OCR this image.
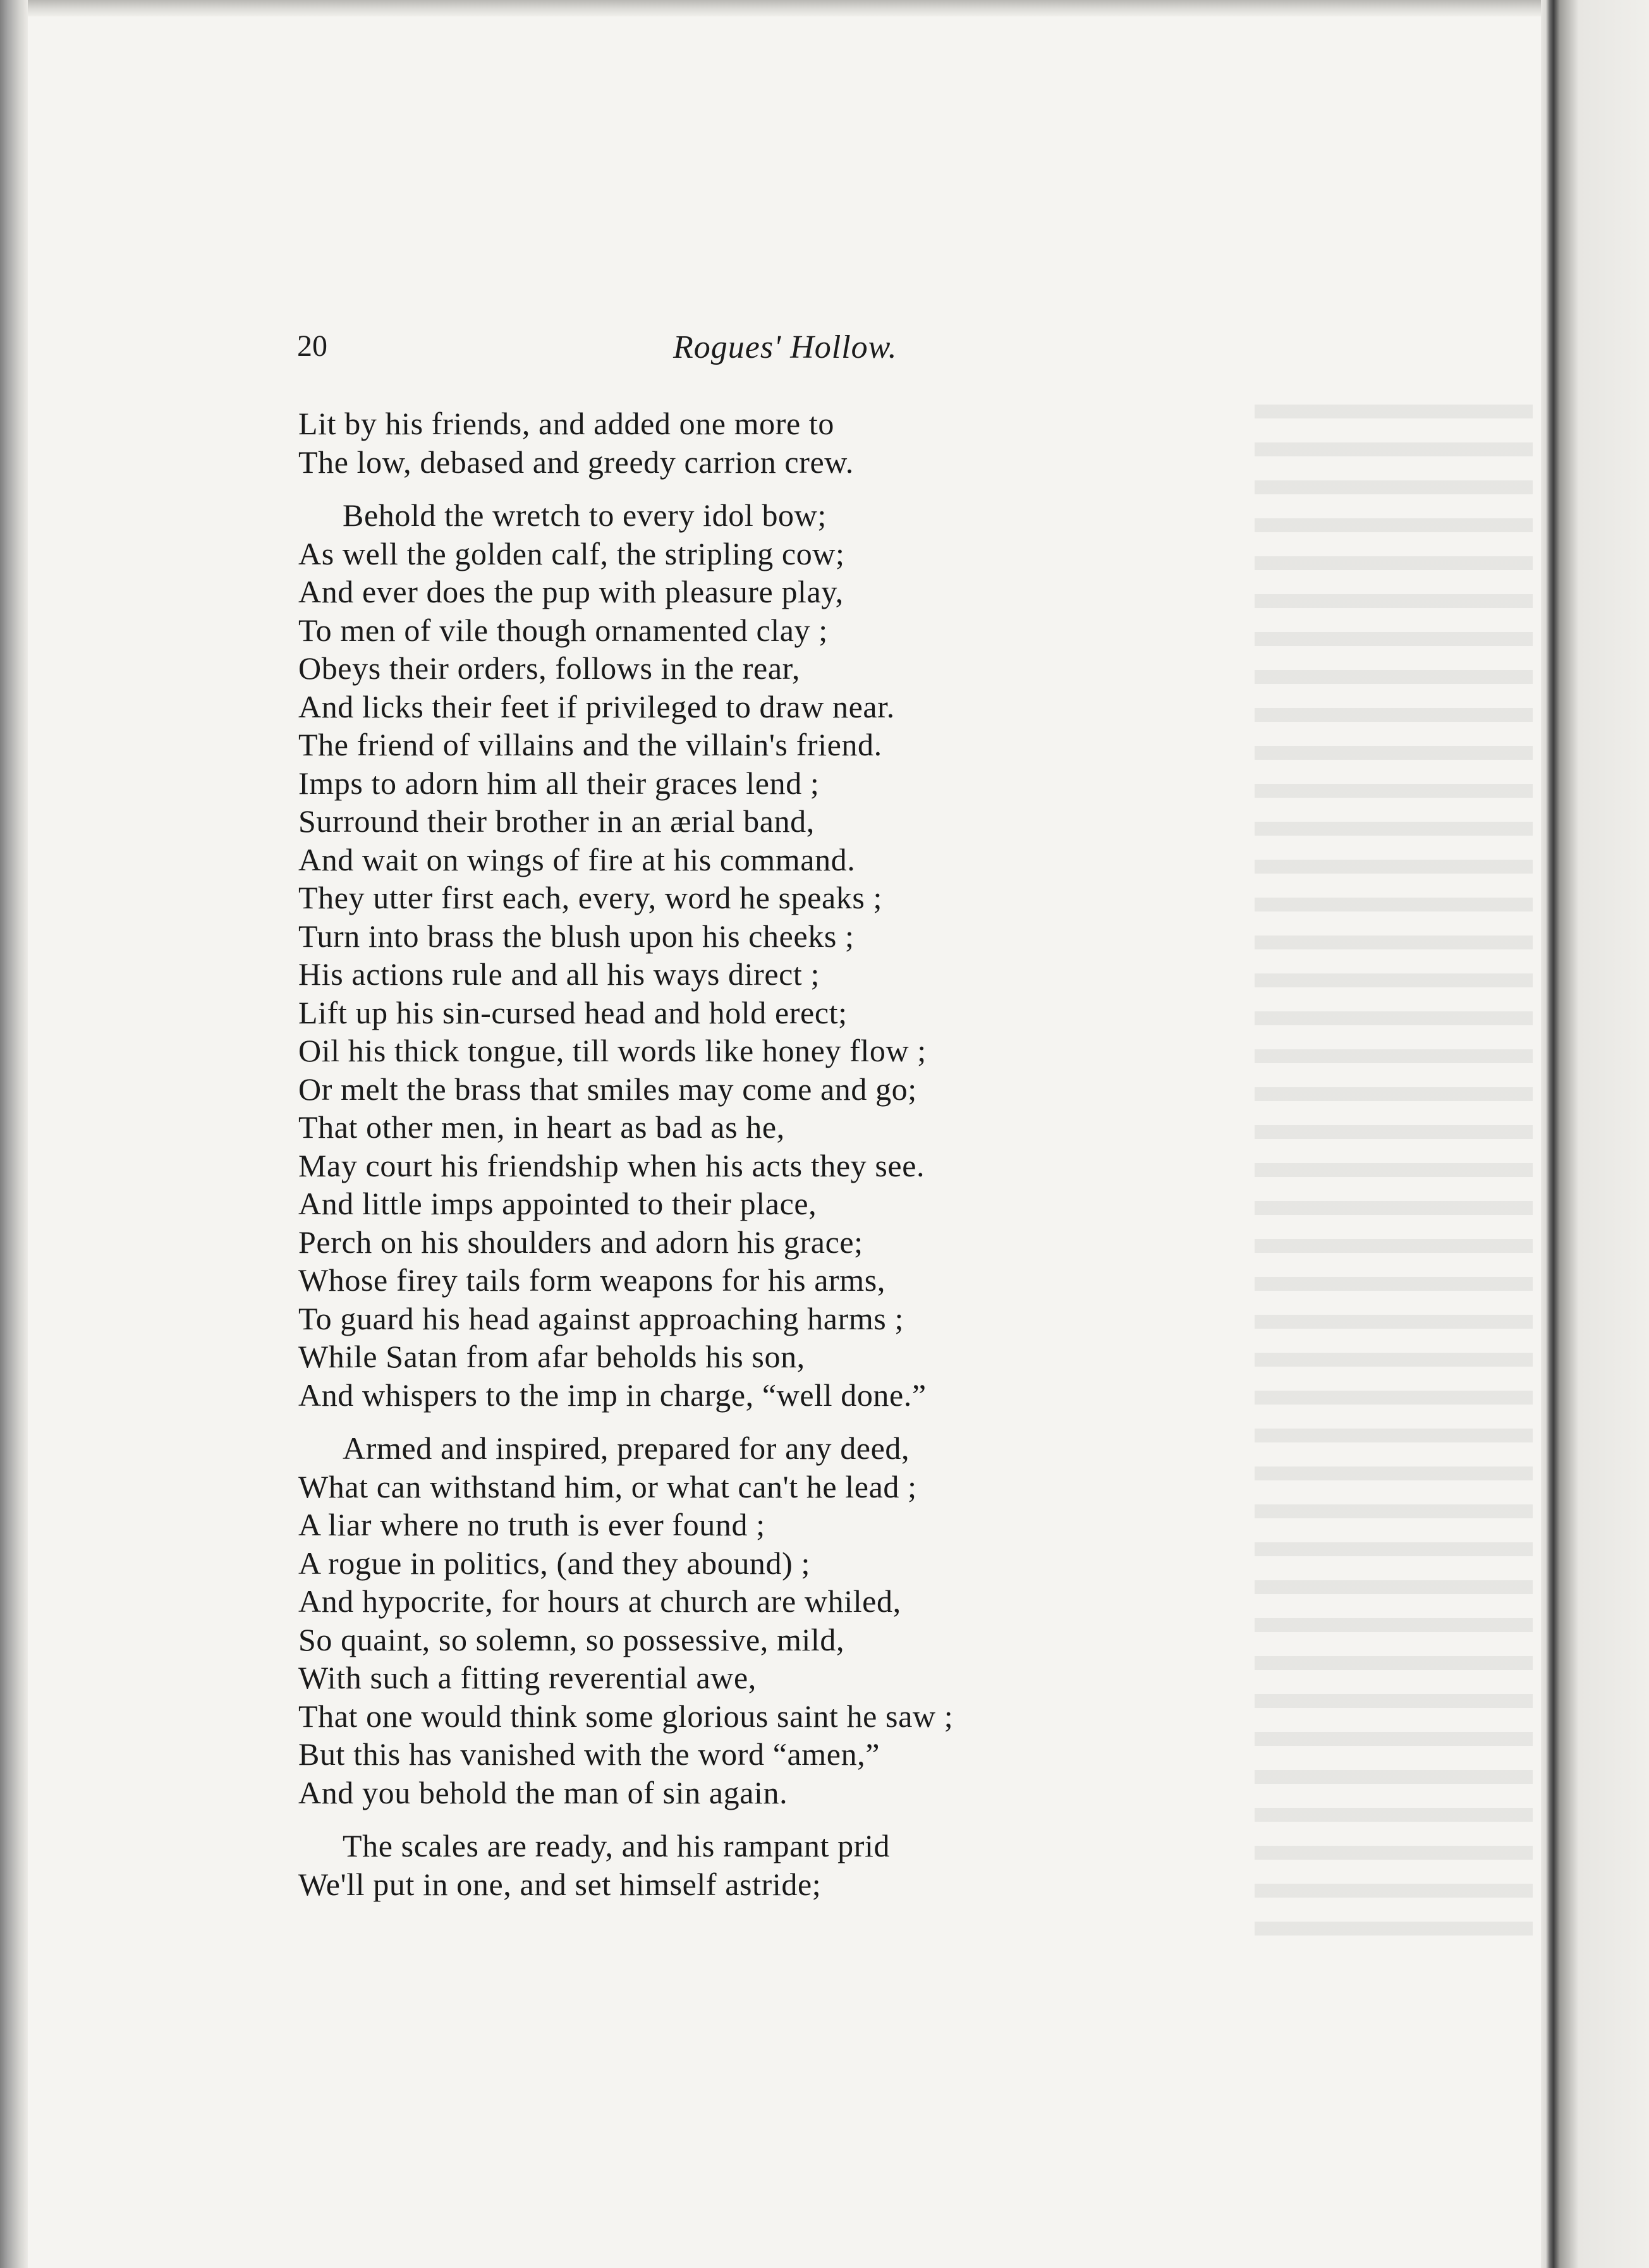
20	Rogues' Hollow.
Lit by his friends, and added one more to
The low, debased and greedy carrion crew.
Behold the wretch to every idol bow;
As well the golden calf, the stripling cow;
And ever does the pup with pleasure play,
To men of vile though ornamented clay ;
Obeys their orders, follows in the rear,
And licks their feet if privileged to draw near.
The friend of villains and the villain's friend.
Imps to adorn him all their graces lend ;
Surround their brother in an ærial band,
And wait on wings of fire at his command.
They utter first each, every, word he speaks ;
Turn into brass the blush upon his cheeks ;
His actions rule and all his ways direct ;
Lift up his sin-cursed head and hold erect;
Oil his thick tongue, till words like honey flow ;
Or melt the brass that smiles may come and go;
That other men, in heart as bad as he,
May court his friendship when his acts they see.
And little imps appointed to their place,
Perch on his shoulders and adorn his grace;
Whose firey tails form weapons for his arms,
To guard his head against approaching harms ;
While Satan from afar beholds his son,
And whispers to the imp in charge, “well done.”
Armed and inspired, prepared for any deed,
What can withstand him, or what can't he lead ;
A liar where no truth is ever found ;
A rogue in politics, (and they abound) ;
And hypocrite, for hours at church are whiled,
So quaint, so solemn, so possessive, mild,
With such a fitting reverential awe,
That one would think some glorious saint he saw ;
But this has vanished with the word “amen,”
And you behold the man of sin again.
The scales are ready, and his rampant prid
We'll put in one, and set himself astride;
